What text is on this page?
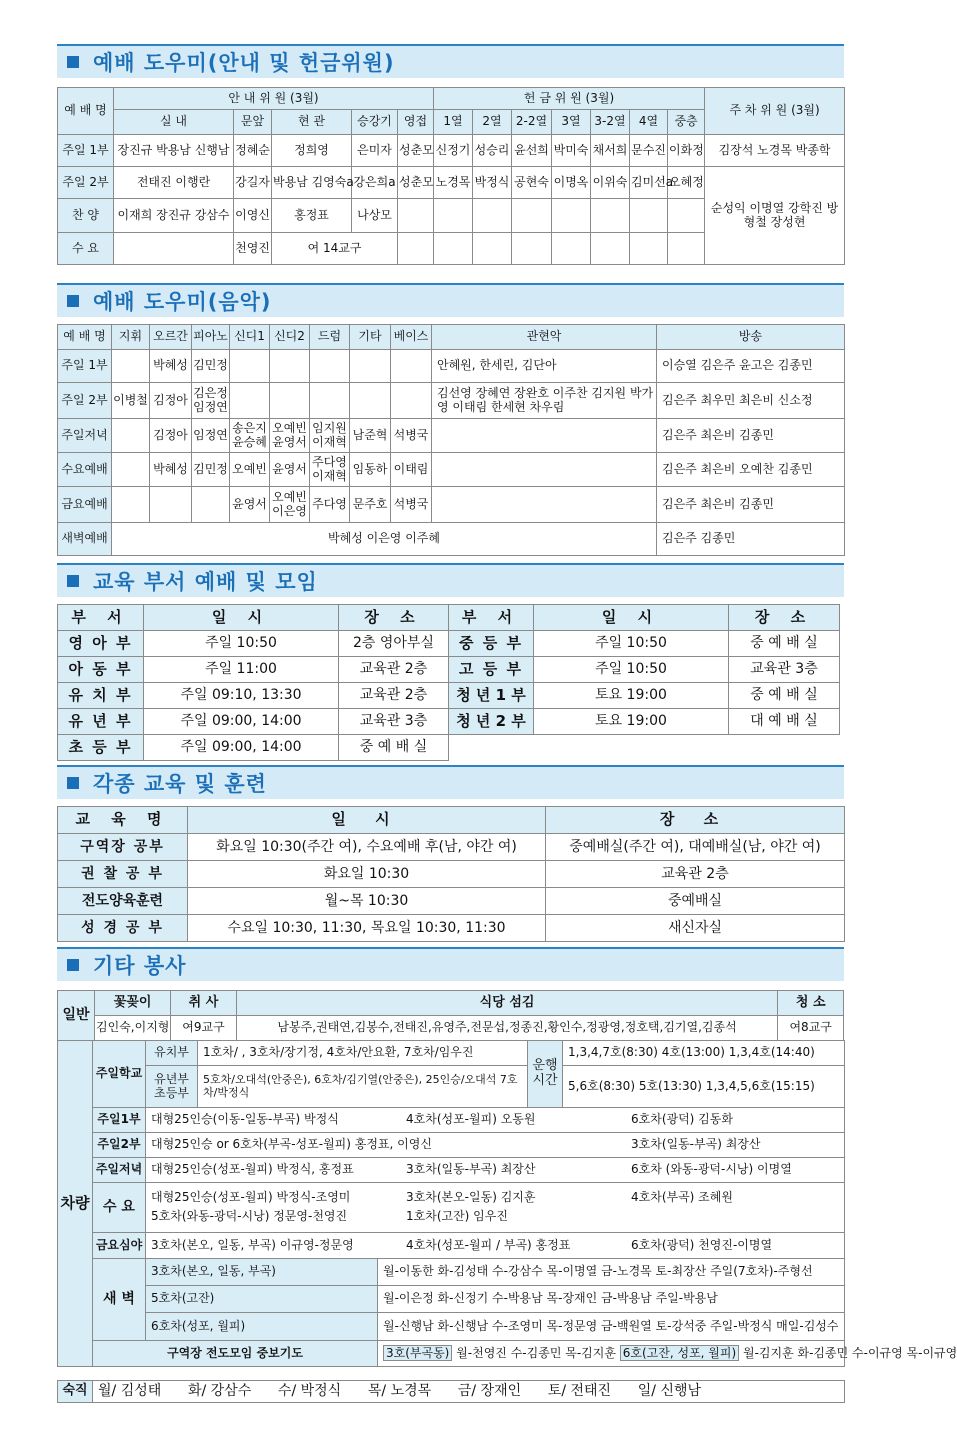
예배 도우미(안내 및 헌금위원)
예 배 명	안 내 위 원 (3월)					헌 금 위 원 (3월)							주 차 위 원 (3월)
	실 내	문앞	현 관	승강기	영접	1열	2열	2-2열	3열	3-2열	4열	중층	
주일 1부	장진규 박용남 신행남	정혜순	정희영	은미자	성춘모	신정기	성승리	윤선희	박미숙	채서희	문수진	이화정	김장석 노경목 박종학
주일 2부	전태진 이행란	강길자	박용남 김영숙a	강은희a	성춘모	노경목	박정식	공현숙	이명옥	이위숙	김미선a	오혜정	순성익 이명열 강학진 방형철 장성현
찬 양	이재희 장진규 강삼수	이영신	홍정표	나상모									
수 요		천영진	여 14교구										
예배 도우미(음악)
예 배 명	지휘	오르간	피아노	신디1	신디2	드럼	기타	베이스	관현악	방송
주일 1부		박혜성	김민정						안혜원, 한세린, 김단아	이승열 김은주 윤고은 김종민
주일 2부	이병철	김정아	김은정 임정연						김선영 장혜연 장완호 이주찬 김지원 박가영 이태림 한세현 차우림	김은주 최우민 최은비 신소정
주일저녁		김정아	임정연	송은지 윤승혜	오예빈 윤영서	임지원 이재혁	남준혁	석병국		김은주 최은비 김종민
수요예배		박혜성	김민정	오예빈	윤영서	주다영 이재혁	임동하	이태림		김은주 최은비 오예찬 김종민
금요예배				윤영서	오예빈 이은영	주다영	문주호	석병국		김은주 최은비 김종민
새벽예배	박혜성 이은영 이주혜									김은주 김종민
교육 부서 예배 및 모임
부 서	일 시	장 소	부 서	일 시	장 소
영 아 부	주일 10:50	2층 영아부실	중 등 부	주일 10:50	중 예 배 실
아 동 부	주일 11:00	교육관 2층	고 등 부	주일 10:50	교육관 3층
유 치 부	주일 09:10, 13:30	교육관 2층	청 년 1 부	토요 19:00	중 예 배 실
유 년 부	주일 09:00, 14:00	교육관 3층	청 년 2 부	토요 19:00	대 예 배 실
초 등 부	주일 09:00, 14:00	중 예 배 실			
각종 교육 및 훈련
교 육 명	일 시	장 소
구역장 공부	화요일 10:30(주간 여), 수요예배 후(남, 야간 여)	중예배실(주간 여), 대예배실(남, 야간 여)
권 찰 공 부	화요일 10:30	교육관 2층
전도양육훈련	월~목 10:30	중예배실
성 경 공 부	수요일 10:30, 11:30, 목요일 10:30, 11:30	새신자실
기타 봉사
일반	꽃꽂이	취 사	식당 섬김	청 소
	김인숙,이지형	여9교구	남봉주,권태연,김봉수,전태진,유영주,전문섭,정종진,황인수,정광영,정호택,김기열,김종석	여8교구
차량	주일학교	유치부	1호차/ , 3호차/장기정, 4호차/안요환, 7호차/임우진		운행 시간	1,3,4,7호(8:30) 4호(13:00) 1,3,4호(14:40)
		유년부 초등부	5호차/오대석(안중은), 6호차/김기열(안중은), 25인승/오대석 7호차/박정식			5,6호(8:30) 5호(13:30) 1,3,4,5,6호(15:15)

	주일1부	대형25인승(이동-일동-부곡) 박정식 4호차(성포-월피) 오동원 6호차(광덕) 김동화				

	주일2부	대형25인승 or 6호차(부곡-성포-월피) 홍정표, 이영신 3호차(일동-부곡) 최장산				

	주일저녁	대형25인승(성포-월피) 박정식, 홍정표 3호차(일동-부곡) 최장산 6호차 (와동-광덕-시낭) 이명열				

	수 요	대형25인승(성포-월피) 박정식-조영미 3호차(본오-일동) 김지훈 4호차(부곡) 조혜원
5호차(와동-광덕-시낭) 정문영-천영진 1호차(고잔) 임우진				

	금요심야	3호차(본오, 일동, 부곡) 이규영-정문영 4호차(성포-월피 / 부곡) 홍정표 6호차(광덕) 천영진-이명열				

	새 벽	3호차(본오, 일동, 부곡)		월-이동한 화-김성태 수-강삼수 목-이명열 금-노경목 토-최장산 주일(7호차)-주형선		
		5호차(고잔)		월-이은정 화-신정기 수-박용남 목-장재인 금-박용남 주일-박용남		
		6호차(성포, 월피)		월-신행남 화-신행남 수-조영미 목-정문영 금-백원열 토-강석중 주일-박정식 매일-김성수		
	구역장 전도모임 중보기도			3호(부곡동) 월-천영진 수-김종민 목-김지훈 6호(고잔, 성포, 월피) 월-김지훈 화-김종민 수-이규영 목-이규영		
숙직	월/ 김성태      화/ 강삼수      수/ 박정식      목/ 노경목      금/ 장재인      토/ 전태진      일/ 신행남
